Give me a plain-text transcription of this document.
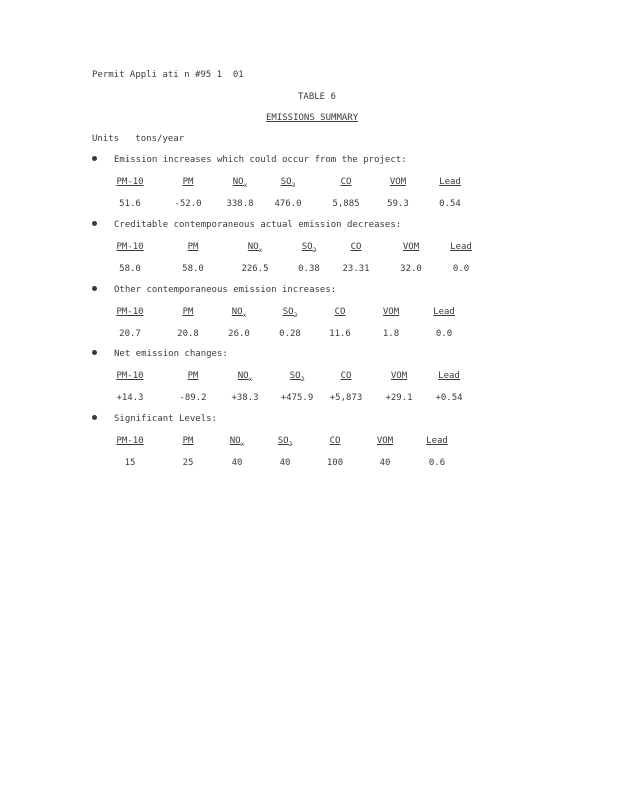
Permit Appli ati n #95 1  01
TABLE 6
EMISSIONS SUMMARY
Units   tons/year
Emission increases which could occur from the project:
PM-10	PM	$NO_x$	$SO_2$	CO	VOM	Lead
51.6	-52.0	338.8	476.0	5,885	59.3	0.54
Creditable contemporaneous actual emission decreases:
PM-10	PM	$NO_x$	$SO_2$	CO	VOM	Lead
58.0	58.0	226.5	0.38	23.31	32.0	0.0
Other contemporaneous emission increases:
PM-10	PM	$NO_x$	$SO_2$	CO	VOM	Lead
20.7	20.8	26.0	0.28	11.6	1.8	0.0
Net emission changes:
PM-10	PM	$NO_x$	$SO_2$	CO	VOM	Lead
+14.3	-89.2	+38.3	+475.9	+5,873	+29.1	+0.54
Significant Levels:
PM-10	PM	$NO_x$	$SO_2$	CO	VOM	Lead
15	25	40	40	100	40	0.6
